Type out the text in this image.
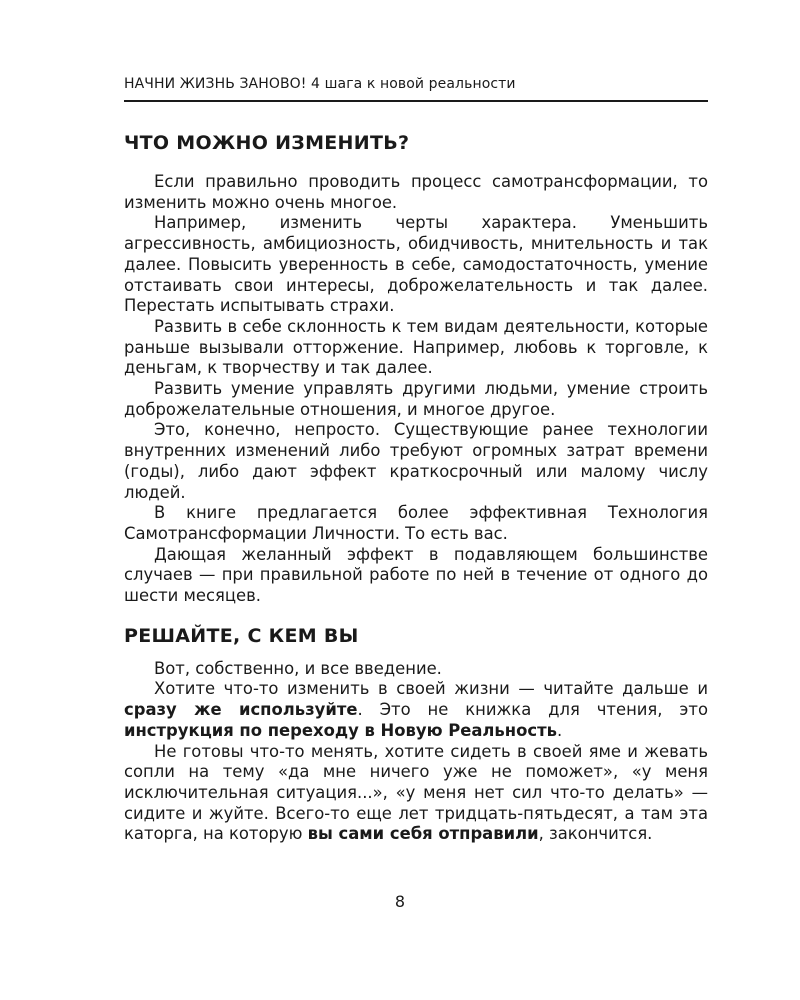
НАЧНИ ЖИЗНЬ ЗАНОВО! 4 шага к новой реальности
ЧТО МОЖНО ИЗМЕНИТЬ?

Если правильно проводить процесс самотрансформации, то изменить можно очень многое.

Например, изменить черты характера. Уменьшить агрессивность, амбициозность, обидчивость, мнительность и так далее. Повысить уверенность в себе, самодостаточность, умение отстаивать свои интересы, доброжелательность и так далее. Перестать испытывать страхи.

Развить в себе склонность к тем видам деятельности, которые раньше вызывали отторжение. Например, любовь к торговле, к деньгам, к творчеству и так далее.

Развить умение управлять другими людьми, умение строить доброжелательные отношения, и многое другое.

Это, конечно, непросто. Существующие ранее технологии внутренних изменений либо требуют огромных затрат времени (годы), либо дают эффект краткосрочный или малому числу людей.

В книге предлагается более эффективная Технология Самотрансформации Личности. То есть вас.

Дающая желанный эффект в подавляющем большинстве случаев — при правильной работе по ней в течение от одного до шести месяцев.

РЕШАЙТЕ, С КЕМ ВЫ

Вот, собственно, и все введение.

Хотите что-то изменить в своей жизни — читайте дальше и сразу же используйте. Это не книжка для чтения, это инструкция по переходу в Новую Реальность.

Не готовы что-то менять, хотите сидеть в своей яме и жевать сопли на тему «да мне ничего уже не поможет», «у меня исключительная ситуация...», «у меня нет сил что-то делать» — сидите и жуйте. Всего-то еще лет тридцать-пятьдесят, а там эта каторга, на которую вы сами себя отправили, закончится.

8
